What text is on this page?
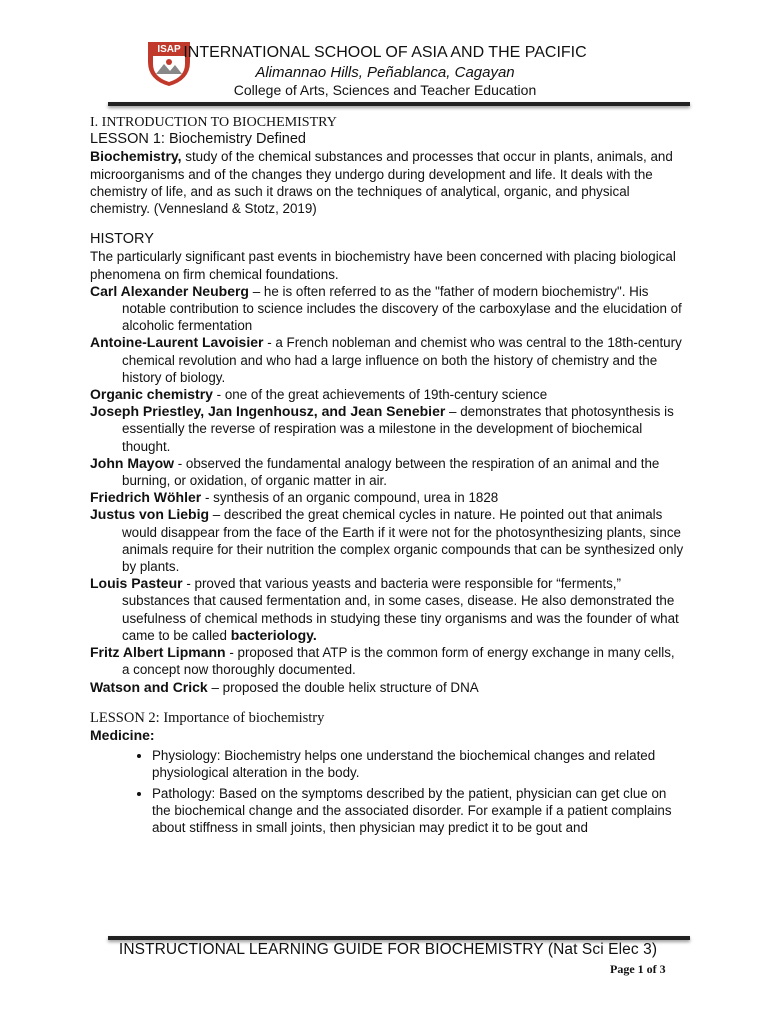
ISAP INTERNATIONAL SCHOOL OF ASIA AND THE PACIFIC
Alimannao Hills, Peñablanca, Cagayan
College of Arts, Sciences and Teacher Education

I. INTRODUCTION TO BIOCHEMISTRY

LESSON 1: Biochemistry Defined

Biochemistry, study of the chemical substances and processes that occur in plants, animals, and microorganisms and of the changes they undergo during development and life. It deals with the chemistry of life, and as such it draws on the techniques of analytical, organic, and physical chemistry. (Vennesland & Stotz, 2019)

HISTORY

The particularly significant past events in biochemistry have been concerned with placing biological phenomena on firm chemical foundations.

Carl Alexander Neuberg – he is often referred to as the "father of modern biochemistry". His notable contribution to science includes the discovery of the carboxylase and the elucidation of alcoholic fermentation

Antoine-Laurent Lavoisier - a French nobleman and chemist who was central to the 18th-century chemical revolution and who had a large influence on both the history of chemistry and the history of biology.

Organic chemistry - one of the great achievements of 19th-century science

Joseph Priestley, Jan Ingenhousz, and Jean Senebier – demonstrates that photosynthesis is essentially the reverse of respiration was a milestone in the development of biochemical thought.

John Mayow - observed the fundamental analogy between the respiration of an animal and the burning, or oxidation, of organic matter in air.

Friedrich Wöhler - synthesis of an organic compound, urea in 1828

Justus von Liebig – described the great chemical cycles in nature. He pointed out that animals would disappear from the face of the Earth if it were not for the photosynthesizing plants, since animals require for their nutrition the complex organic compounds that can be synthesized only by plants.

Louis Pasteur - proved that various yeasts and bacteria were responsible for “ferments,” substances that caused fermentation and, in some cases, disease. He also demonstrated the usefulness of chemical methods in studying these tiny organisms and was the founder of what came to be called bacteriology.

Fritz Albert Lipmann - proposed that ATP is the common form of energy exchange in many cells, a concept now thoroughly documented.

Watson and Crick – proposed the double helix structure of DNA

LESSON 2: Importance of biochemistry

Medicine:

• Physiology: Biochemistry helps one understand the biochemical changes and related physiological alteration in the body.
• Pathology: Based on the symptoms described by the patient, physician can get clue on the biochemical change and the associated disorder. For example if a patient complains about stiffness in small joints, then physician may predict it to be gout and
INSTRUCTIONAL LEARNING GUIDE FOR BIOCHEMISTRY (Nat Sci Elec 3)
Page 1 of 3
